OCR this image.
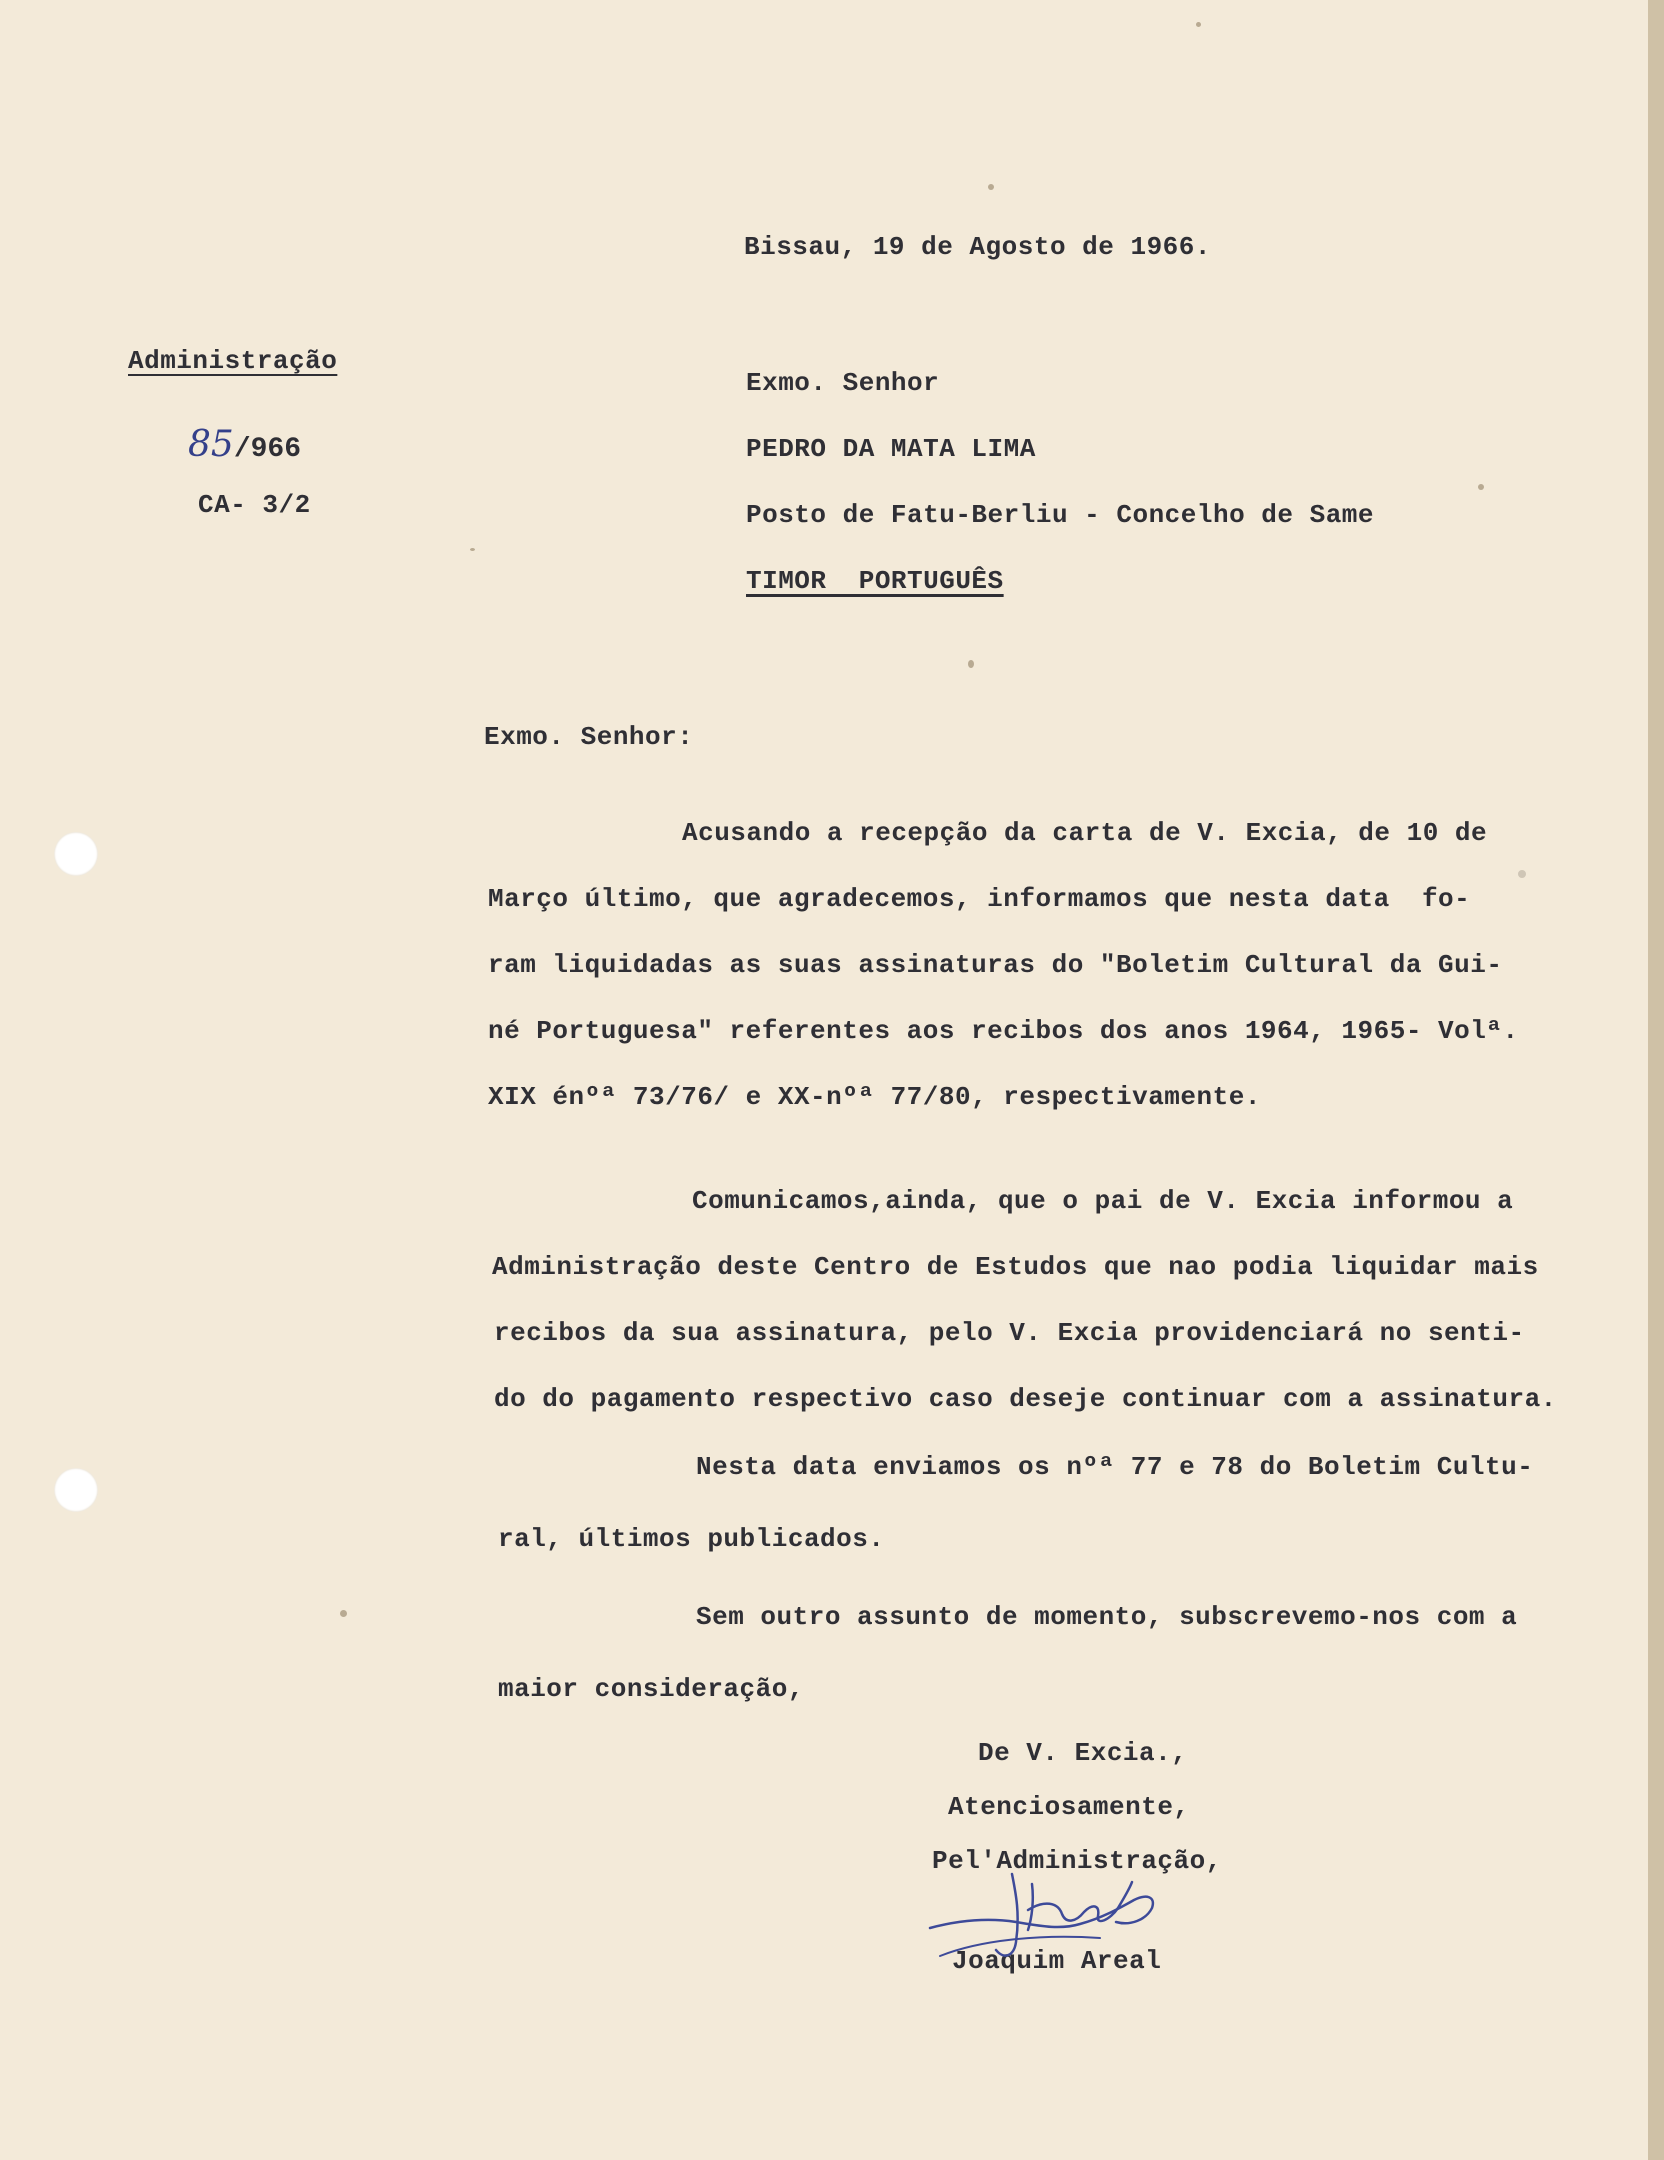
Administração
85/966
CA- 3/2
Bissau, 19 de Agosto de 1966.
Exmo. Senhor
PEDRO DA MATA LIMA
Posto de Fatu-Berliu - Concelho de Same
TIMOR  PORTUGUÊS
Exmo. Senhor:
Acusando a recepção da carta de V. Excia, de 10 de
Março último, que agradecemos, informamos que nesta data  fo-
ram liquidadas as suas assinaturas do "Boletim Cultural da Gui-
né Portuguesa" referentes aos recibos dos anos 1964, 1965- Volª.
XIX énºª 73/76/ e XX-nºª 77/80, respectivamente.
Comunicamos,ainda, que o pai de V. Excia informou a
Administração deste Centro de Estudos que nao podia liquidar mais
recibos da sua assinatura, pelo V. Excia providenciará no senti-
do do pagamento respectivo caso deseje continuar com a assinatura.
Nesta data enviamos os nºª 77 e 78 do Boletim Cultu-
ral, últimos publicados.
Sem outro assunto de momento, subscrevemo-nos com a
maior consideração,
De V. Excia.,
Atenciosamente,
Pel'Administração,
Joaquim Areal
